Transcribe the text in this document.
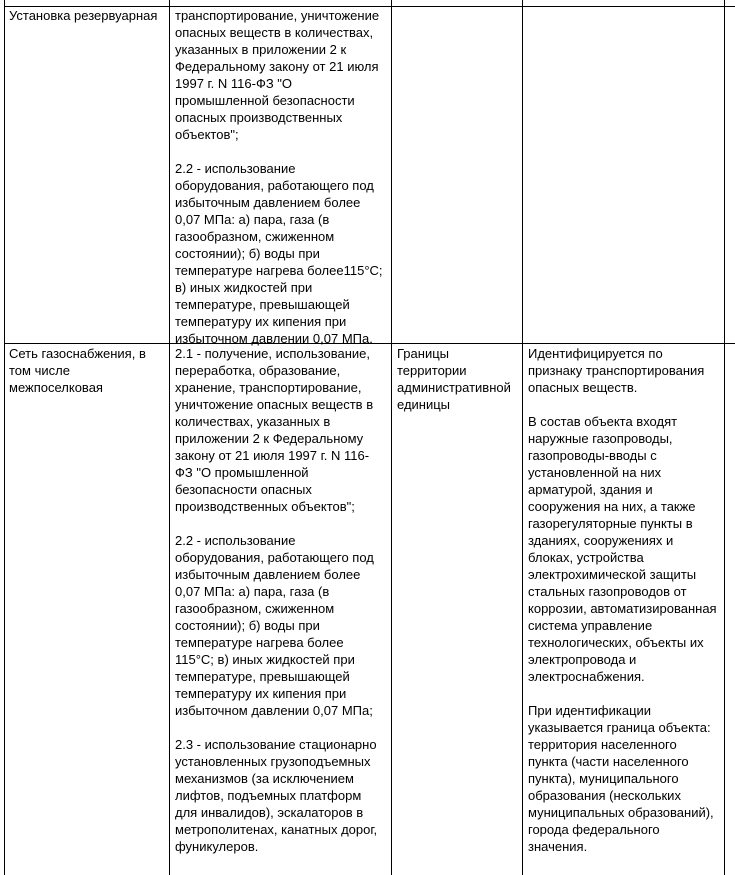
Установка резервуарная транспортирование, уничтожение
опасных веществ в количествах,
указанных в приложении 2 к
Федеральному закону от 21 июля
1997 г. N 116-ФЗ "О
промышленной безопасности
опасных производственных
объектов";
2.2 - использование
оборудования, работающего под
избыточным давлением более
0,07 МПа: а) пара, газа (в
газообразном, сжиженном
состоянии); б) воды при
температуре нагрева более115°С;
в) иных жидкостей при
температуре, превышающей
температуру их кипения при
избыточном давлении 0,07 МПа.
Сеть газоснабжения, в
том числе
межпоселковая
2.1 - получение, использование,
переработка, образование,
хранение, транспортирование,
уничтожение опасных веществ в
количествах, указанных в
приложении 2 к Федеральному
закону от 21 июля 1997 г. N 116-
ФЗ "О промышленной
безопасности опасных
производственных объектов";
2.2 - использование
оборудования, работающего под
избыточным давлением более
0,07 МПа: а) пара, газа (в
газообразном, сжиженном
состоянии); б) воды при
температуре нагрева более
115°С; в) иных жидкостей при
температуре, превышающей
температуру их кипения при
избыточном давлении 0,07 МПа;
2.3 - использование стационарно
установленных грузоподъемных
механизмов (за исключением
лифтов, подъемных платформ
для инвалидов), эскалаторов в
метрополитенах, канатных дорог,
фуникулеров.
Границы
территории
административной
единицы
Идентифицируется по
признаку транспортирования
опасных веществ.
В состав объекта входят
наружные газопроводы,
газопроводы-вводы с
установленной на них
арматурой, здания и
сооружения на них, а также
газорегуляторные пункты в
зданиях, сооружениях и
блоках, устройства
электрохимической защиты
стальных газопроводов от
коррозии, автоматизированная
система управление
технологических, объекты их
электропровода и
электроснабжения.
При идентификации
указывается граница объекта:
территория населенного
пункта (части населенного
пункта), муниципального
образования (нескольких
муниципальных образований),
города федерального
значения.
